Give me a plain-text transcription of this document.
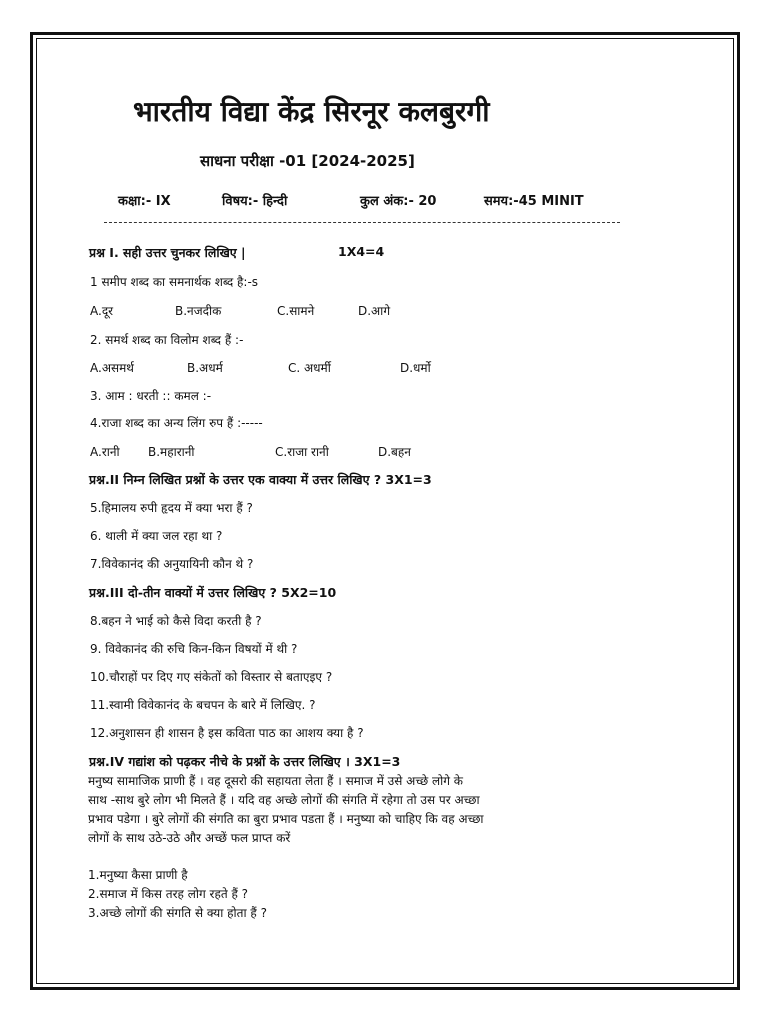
भारतीय विद्या केंद्र सिरनूर कलबुरगी
साधना परीक्षा -01 [2024-2025]
कक्षा:- IX	विषय:- हिन्दी	कुल अंक:- 20	समय:-45 MINIT
प्रश्न I. सही उत्तर चुनकर लिखिए |	1X4=4
1 समीप शब्द का समनार्थक शब्द है:-s
A.दूर	B.नजदीक	C.सामने	D.आगे
2. समर्थ शब्द का विलोम शब्द हैं :-
A.असमर्थ	B.अधर्म	C. अधर्मी	D.धर्मो
3. आम : धरती :: कमल :-
4.राजा शब्द का अन्य लिंग रुप हैं :-----
A.रानी B.महारानी	C.राजा रानी	D.बहन
प्रश्न.II निम्न लिखित प्रश्नों के उत्तर एक वाक्या में उत्तर लिखिए ? 3X1=3
5.हिमालय रुपी हृदय में क्या भरा हैं ?
6. थाली में क्या जल रहा था ?
7.विवेकानंद की अनुयायिनी कौन थे ?
प्रश्न.III दो-तीन वाक्यों में उत्तर लिखिए ? 5X2=10
8.बहन ने भाई को कैसे विदा करती है ?
9. विवेकानंद की रुचि किन-किन विषयों में थी ?
10.चौराहों पर दिए गए संकेतों को विस्तार से बताएइए ?
11.स्वामी विवेकानंद के बचपन के बारे में लिखिए. ?
12.अनुशासन ही शासन है इस कविता पाठ का आशय क्या है ?
प्रश्न.IV गद्यांश को पढ़कर नीचे के प्रश्नों के उत्तर लिखिए । 3X1=3
मनुष्य सामाजिक प्राणी हैं । वह दूसरो की सहायता लेता हैं । समाज में उसे अच्छे लोगे के
साथ -साथ बुरे लोग भी मिलते हैं । यदि वह अच्छे लोगों की संगति में रहेगा तो उस पर अच्छा
प्रभाव पडेगा । बुरे लोगों की संगति का बुरा प्रभाव पडता हैं । मनुष्या को चाहिए कि वह अच्छा
लोगों के साथ उठे-उठे और अच्छें फल प्राप्त करें
1.मनुष्या कैसा प्राणी है
2.समाज में किस तरह लोग रहते हैं ?
3.अच्छे लोगों की संगति से क्या होता हैं ?
